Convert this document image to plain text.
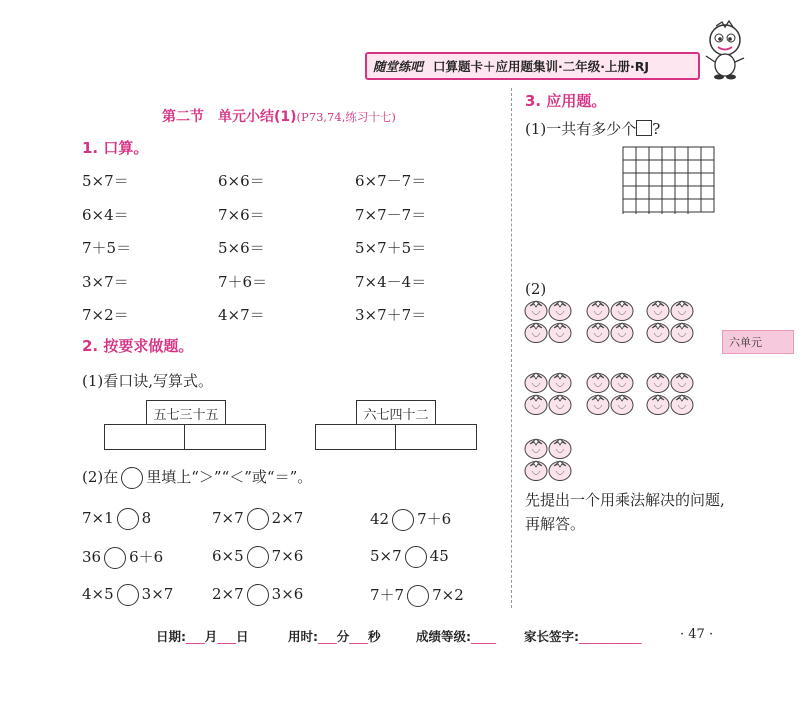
随堂练吧 口算题卡＋应用题集训·二年级·上册·RJ
第二节　单元小结(1)(P73,74,练习十七)
1. 口算。
5×7＝	6×6＝	6×7－7＝
6×4＝	7×6＝	7×7－7＝
7＋5＝	5×6＝	5×7＋5＝
3×7＝	7＋6＝	7×4－4＝
7×2＝	4×7＝	3×7＋7＝
2. 按要求做题。
(1)看口诀,写算式。
五七三十五	六七四十二
(2)在 里填上“＞”“＜”或“＝”。
7×1 8	7×7 2×7	42 7＋6
36 6＋6	6×5 7×6	5×7 45
4×5 3×7	2×7 3×6	7＋7 7×2
3. 应用题。
(1)一共有多少个 ?
(2)
先提出一个用乘法解决的问题,再解答。
六单元
日期:___月___日	用时:___分___秒	成绩等级:____ 家长签字:__________	· 47 ·
